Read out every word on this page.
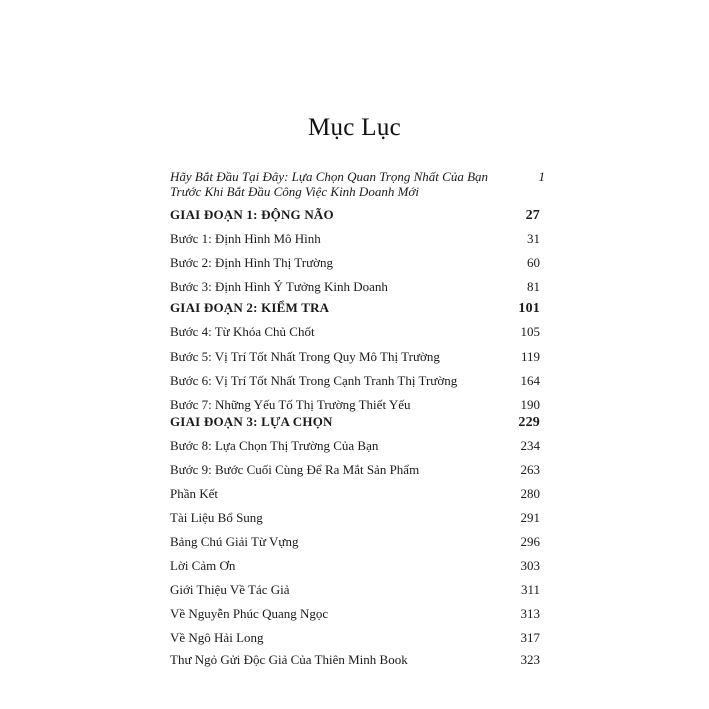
Mục Lục
Hãy Bắt Đầu Tại Đây: Lựa Chọn Quan Trọng Nhất Của Bạn	1
Trước Khi Bắt Đầu Công Việc Kinh Doanh Mới
GIAI ĐOẠN 1: ĐỘNG NÃO	27
Bước 1: Định Hình Mô Hình	31
Bước 2: Định Hình Thị Trường	60
Bước 3: Định Hình Ý Tưởng Kinh Doanh	81
GIAI ĐOẠN 2: KIỂM TRA	101
Bước 4: Từ Khóa Chủ Chốt	105
Bước 5: Vị Trí Tốt Nhất Trong Quy Mô Thị Trường	119
Bước 6: Vị Trí Tốt Nhất Trong Cạnh Tranh Thị Trường	164
Bước 7: Những Yếu Tố Thị Trường Thiết Yếu	190
GIAI ĐOẠN 3: LỰA CHỌN	229
Bước 8: Lựa Chọn Thị Trường Của Bạn	234
Bước 9: Bước Cuối Cùng Để Ra Mắt Sản Phẩm	263
Phần Kết	280
Tài Liệu Bổ Sung	291
Bảng Chú Giải Từ Vựng	296
Lời Cảm Ơn	303
Giới Thiệu Về Tác Giả	311
Về Nguyễn Phúc Quang Ngọc	313
Về Ngô Hải Long	317
Thư Ngỏ Gửi Độc Giả Của Thiên Minh Book	323
